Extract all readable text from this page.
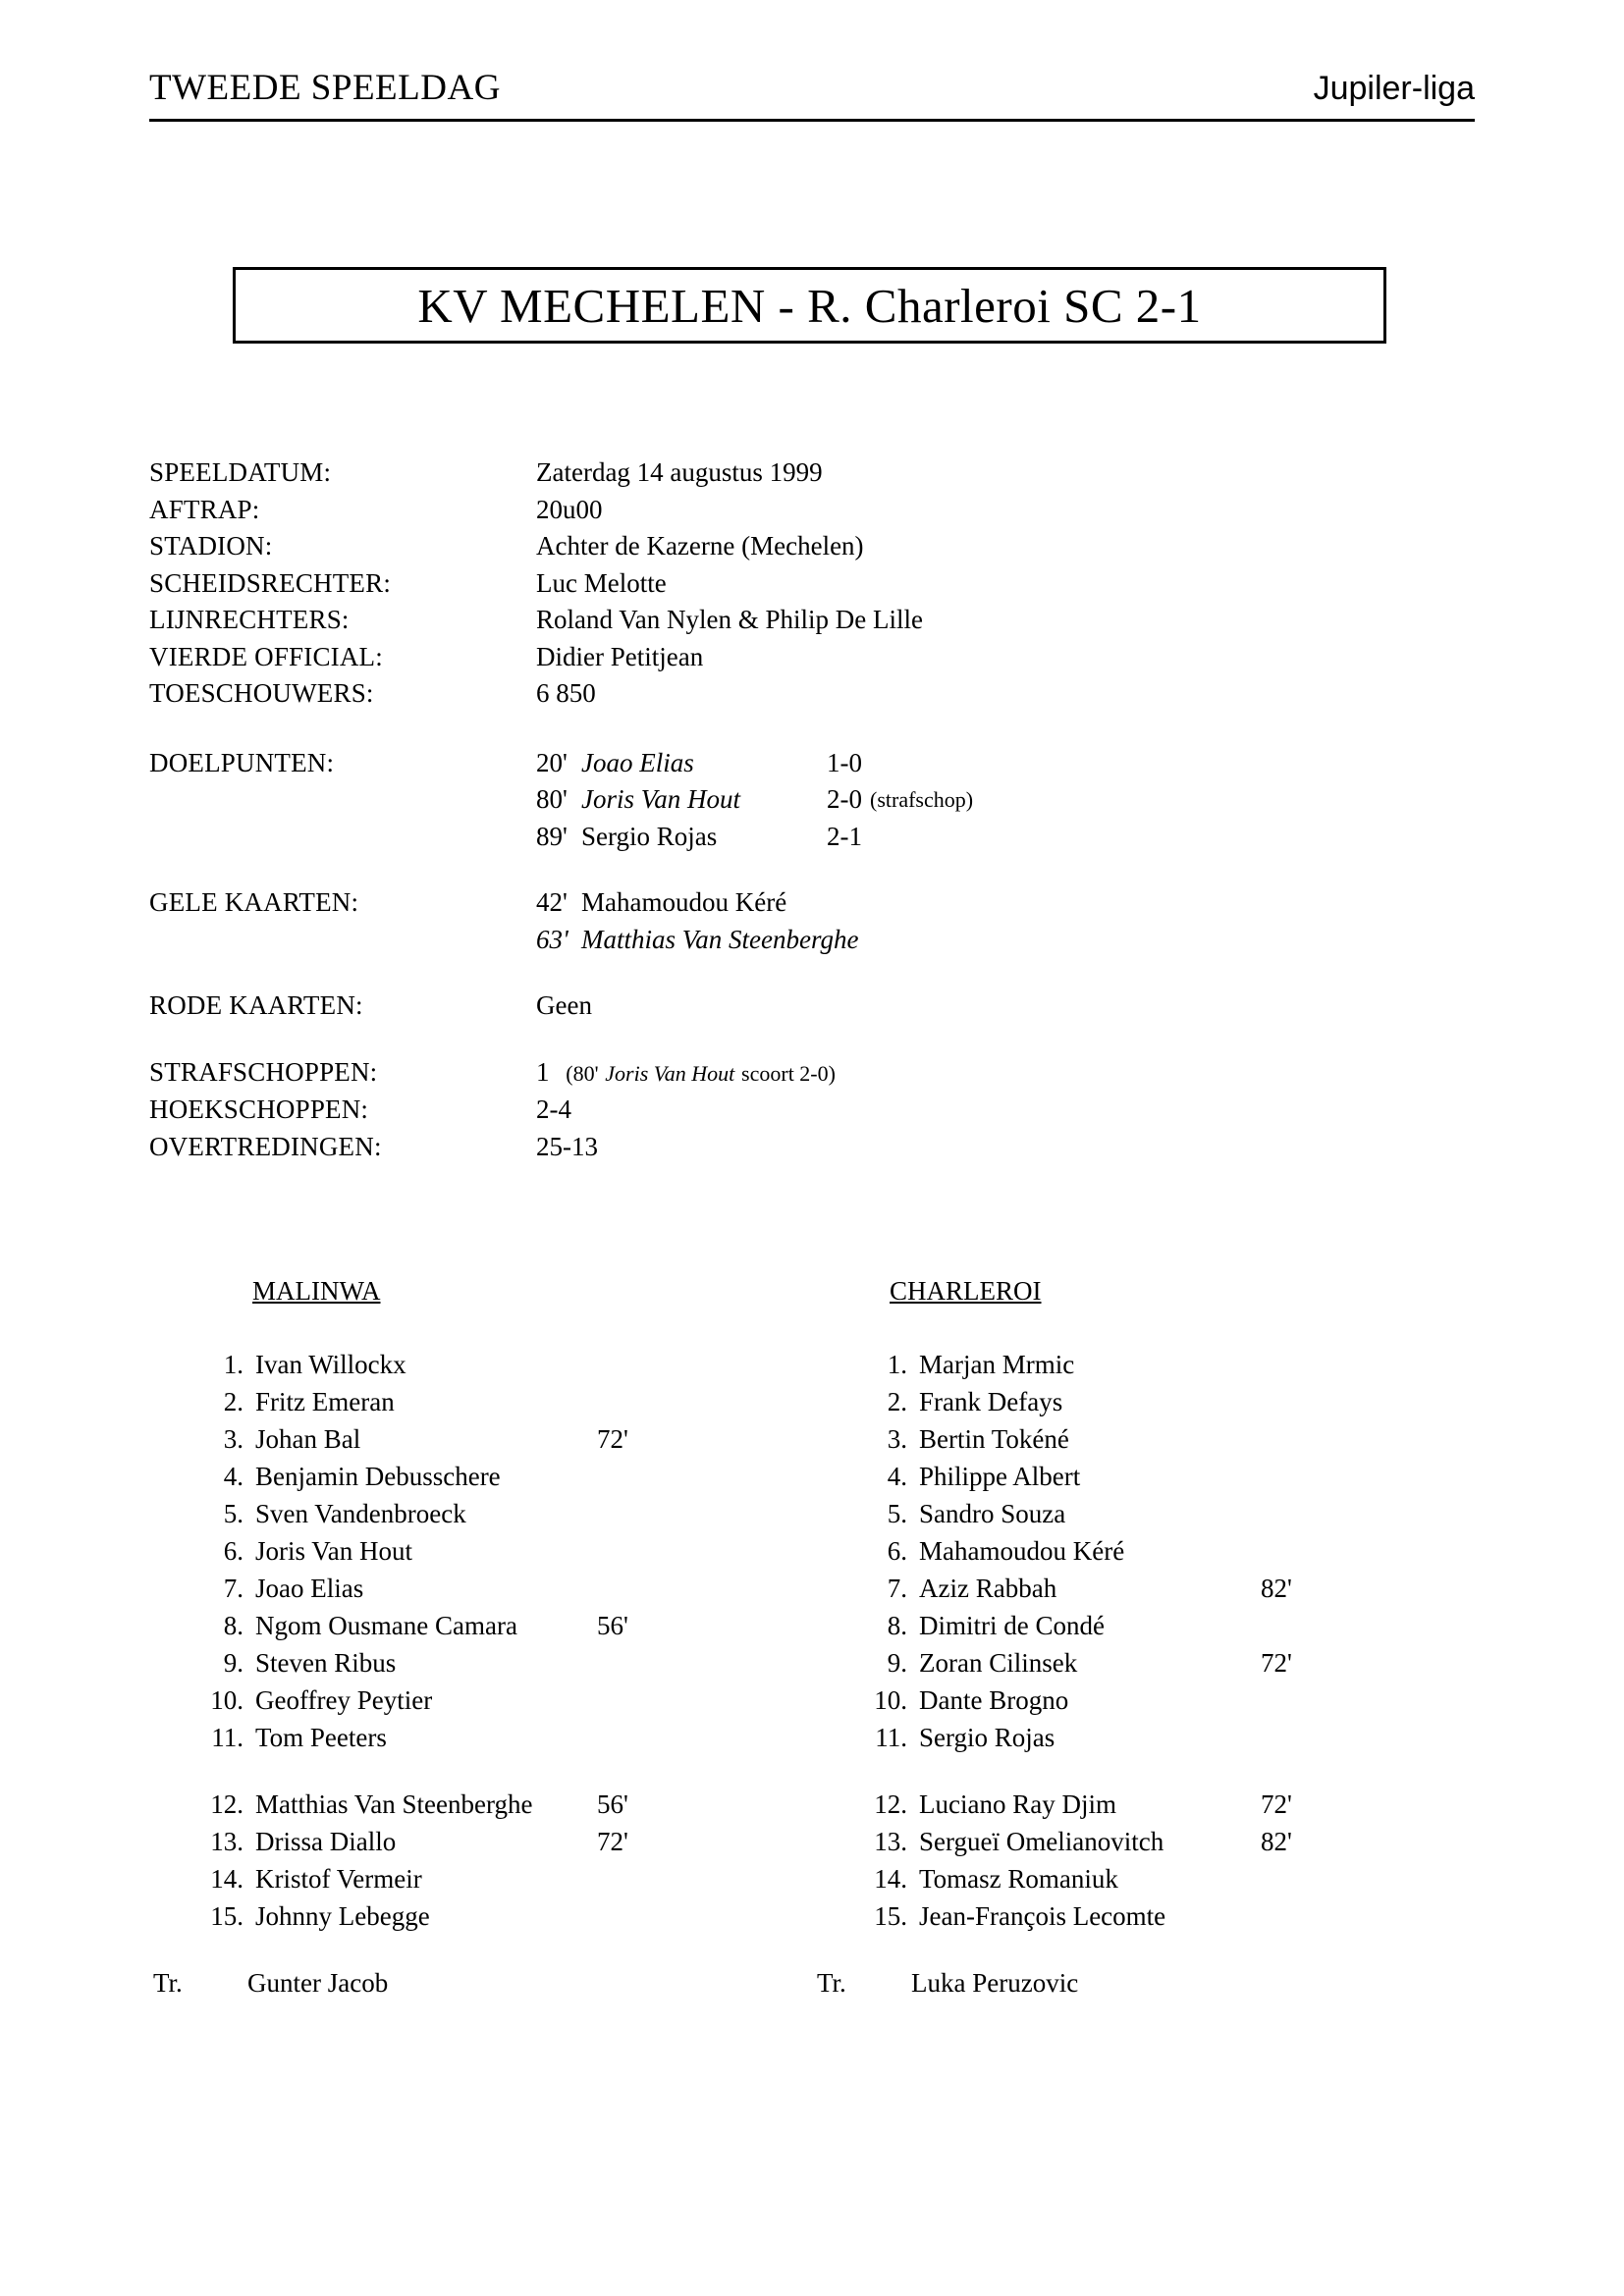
TWEEDE SPEELDAG	Jupiler-liga
KV MECHELEN - R. Charleroi SC 2-1
SPEELDATUM:	Zaterdag 14 augustus 1999
AFTRAP:	20u00
STADION:	Achter de Kazerne (Mechelen)
SCHEIDSRECHTER:	Luc Melotte
LIJNRECHTERS:	Roland Van Nylen & Philip De Lille
VIERDE OFFICIAL:	Didier Petitjean
TOESCHOUWERS:	6 850
DOELPUNTEN:	20' Joao Elias	1-0
80' Joris Van Hout	2-0 (strafschop)
89' Sergio Rojas	2-1
GELE KAARTEN:	42' Mahamoudou Kéré
63' Matthias Van Steenberghe
RODE KAARTEN:	Geen
STRAFSCHOPPEN:	1 (80' Joris Van Hout scoort 2-0)
HOEKSCHOPPEN:	2-4
OVERTREDINGEN:	25-13
MALINWA	CHARLEROI
1. Ivan Willockx
2. Fritz Emeran
3. Johan Bal	72'
4. Benjamin Debusschere
5. Sven Vandenbroeck
6. Joris Van Hout
7. Joao Elias
8. Ngom Ousmane Camara	56'
9. Steven Ribus
10. Geoffrey Peytier
11. Tom Peeters
12. Matthias Van Steenberghe	56'
13. Drissa Diallo	72'
14. Kristof Vermeir
15. Johnny Lebegge
Tr.	Gunter Jacob
1. Marjan Mrmic
2. Frank Defays
3. Bertin Tokéné
4. Philippe Albert
5. Sandro Souza
6. Mahamoudou Kéré
7. Aziz Rabbah	82'
8. Dimitri de Condé
9. Zoran Cilinsek	72'
10. Dante Brogno
11. Sergio Rojas
12. Luciano Ray Djim	72'
13. Sergueï Omelianovitch	82'
14. Tomasz Romaniuk
15. Jean-François Lecomte
Tr.	Luka Peruzovic
